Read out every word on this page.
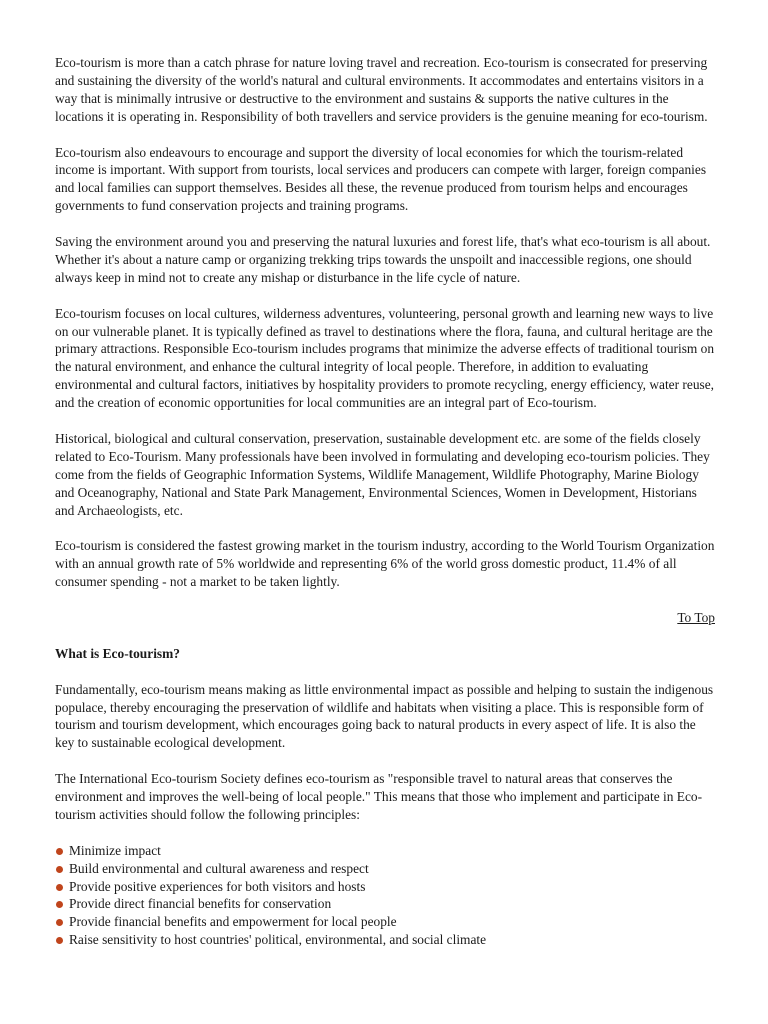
Eco-tourism is more than a catch phrase for nature loving travel and recreation. Eco-tourism is consecrated for preserving and sustaining the diversity of the world's natural and cultural environments. It accommodates and entertains visitors in a way that is minimally intrusive or destructive to the environment and sustains & supports the native cultures in the locations it is operating in. Responsibility of both travellers and service providers is the genuine meaning for eco-tourism.

Eco-tourism also endeavours to encourage and support the diversity of local economies for which the tourism-related income is important. With support from tourists, local services and producers can compete with larger, foreign companies and local families can support themselves. Besides all these, the revenue produced from tourism helps and encourages governments to fund conservation projects and training programs.

Saving the environment around you and preserving the natural luxuries and forest life, that's what eco-tourism is all about. Whether it's about a nature camp or organizing trekking trips towards the unspoilt and inaccessible regions, one should always keep in mind not to create any mishap or disturbance in the life cycle of nature.

Eco-tourism focuses on local cultures, wilderness adventures, volunteering, personal growth and learning new ways to live on our vulnerable planet. It is typically defined as travel to destinations where the flora, fauna, and cultural heritage are the primary attractions. Responsible Eco-tourism includes programs that minimize the adverse effects of traditional tourism on the natural environment, and enhance the cultural integrity of local people. Therefore, in addition to evaluating environmental and cultural factors, initiatives by hospitality providers to promote recycling, energy efficiency, water reuse, and the creation of economic opportunities for local communities are an integral part of Eco-tourism.

Historical, biological and cultural conservation, preservation, sustainable development etc. are some of the fields closely related to Eco-Tourism. Many professionals have been involved in formulating and developing eco-tourism policies. They come from the fields of Geographic Information Systems, Wildlife Management, Wildlife Photography, Marine Biology and Oceanography, National and State Park Management, Environmental Sciences, Women in Development, Historians and Archaeologists, etc.

Eco-tourism is considered the fastest growing market in the tourism industry, according to the World Tourism Organization with an annual growth rate of 5% worldwide and representing 6% of the world gross domestic product, 11.4% of all consumer spending - not a market to be taken lightly.

To Top
What is Eco-tourism?

Fundamentally, eco-tourism means making as little environmental impact as possible and helping to sustain the indigenous populace, thereby encouraging the preservation of wildlife and habitats when visiting a place. This is responsible form of tourism and tourism development, which encourages going back to natural products in every aspect of life. It is also the key to sustainable ecological development.

The International Eco-tourism Society defines eco-tourism as "responsible travel to natural areas that conserves the environment and improves the well-being of local people." This means that those who implement and participate in Eco-tourism activities should follow the following principles:

Minimize impact
Build environmental and cultural awareness and respect
Provide positive experiences for both visitors and hosts
Provide direct financial benefits for conservation
Provide financial benefits and empowerment for local people
Raise sensitivity to host countries' political, environmental, and social climate
